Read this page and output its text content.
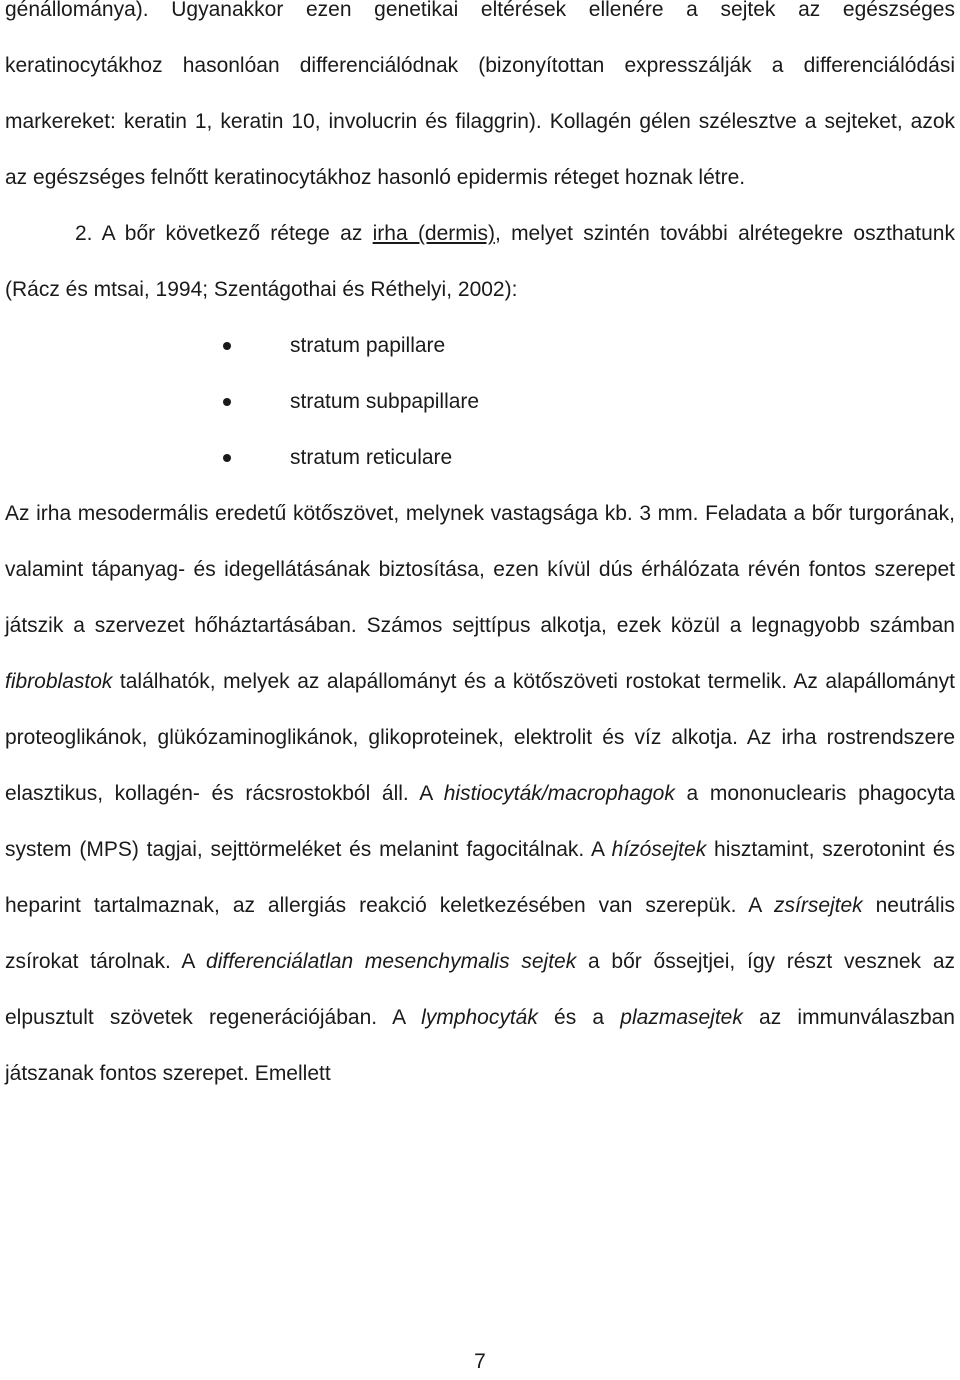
génállománya). Ugyanakkor ezen genetikai eltérések ellenére a sejtek az egészséges keratinocytákhoz hasonlóan differenciálódnak (bizonyítottan expresszálják a differenciálódási markereket: keratin 1, keratin 10, involucrin és filaggrin). Kollagén gélen szélesztve a sejteket, azok az egészséges felnőtt keratinocytákhoz hasonló epidermis réteget hoznak létre.

2. A bőr következő rétege az irha (dermis), melyet szintén további alrétegekre oszthatunk (Rácz és mtsai, 1994; Szentágothai és Réthelyi, 2002):

stratum papillare
stratum subpapillare
stratum reticulare

Az irha mesodermális eredetű kötőszövet, melynek vastagsága kb. 3 mm. Feladata a bőr turgorának, valamint tápanyag- és idegellátásának biztosítása, ezen kívül dús érhálózata révén fontos szerepet játszik a szervezet hőháztartásában. Számos sejttípus alkotja, ezek közül a legnagyobb számban fibroblastok találhatók, melyek az alapállományt és a kötőszöveti rostokat termelik. Az alapállományt proteoglikánok, glükózaminoglikánok, glikoproteinek, elektrolit és víz alkotja. Az irha rostrendszere elasztikus, kollagén- és rácsrostokból áll. A histiocyták/macrophagok a mononuclearis phagocyta system (MPS) tagjai, sejttörmeléket és melanint fagocitálnak. A hízósejtek hisztamint, szerotonint és heparint tartalmaznak, az allergiás reakció keletkezésében van szerepük. A zsírsejtek neutrális zsírokat tárolnak. A differenciálatlan mesenchymalis sejtek a bőr őssejtjei, így részt vesznek az elpusztult szövetek regenerációjában. A lymphocyták és a plazmasejtek az immunválaszban játszanak fontos szerepet. Emellett

7
